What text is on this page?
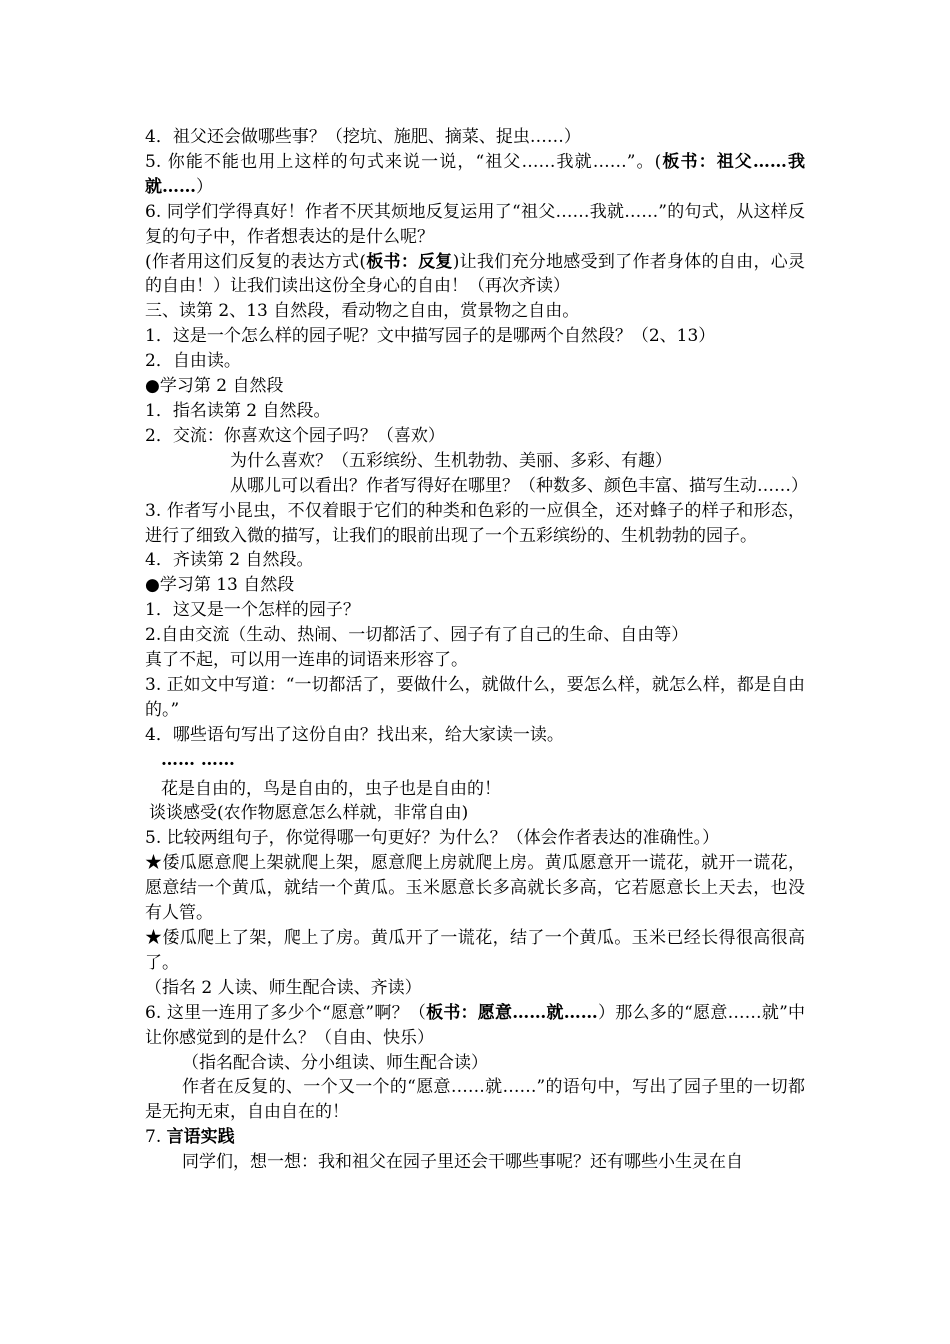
4．祖父还会做哪些事？（挖坑、施肥、摘菜、捉虫……）

5. 你能不能也用上这样的句式来说一说，“祖父……我就……”。(板书：祖父……我就……）

6. 同学们学得真好！作者不厌其烦地反复运用了“祖父……我就……”的句式，从这样反复的句子中，作者想表达的是什么呢？

(作者用这们反复的表达方式(板书：反复)让我们充分地感受到了作者身体的自由，心灵的自由！）让我们读出这份全身心的自由！（再次齐读）

三、读第 2、13 自然段，看动物之自由，赏景物之自由。

1．这是一个怎么样的园子呢？文中描写园子的是哪两个自然段？（2、13）

2．自由读。

●学习第 2 自然段

1．指名读第 2 自然段。

2．交流：你喜欢这个园子吗？（喜欢）

为什么喜欢？（五彩缤纷、生机勃勃、美丽、多彩、有趣）

从哪儿可以看出？作者写得好在哪里？（种数多、颜色丰富、描写生动……）

3. 作者写小昆虫，不仅着眼于它们的种类和色彩的一应俱全，还对蜂子的样子和形态，进行了细致入微的描写，让我们的眼前出现了一个五彩缤纷的、生机勃勃的园子。

4．齐读第 2 自然段。

●学习第 13 自然段

1．这又是一个怎样的园子？

2.自由交流（生动、热闹、一切都活了、园子有了自己的生命、自由等）

真了不起，可以用一连串的词语来形容了。

3. 正如文中写道：“一切都活了，要做什么，就做什么，要怎么样，就怎么样，都是自由的。”

4．哪些语句写出了这份自由？找出来，给大家读一读。

…… ……

花是自由的，鸟是自由的，虫子也是自由的！

谈谈感受(农作物愿意怎么样就，非常自由)

5. 比较两组句子，你觉得哪一句更好？为什么？（体会作者表达的准确性。）

★倭瓜愿意爬上架就爬上架，愿意爬上房就爬上房。黄瓜愿意开一谎花，就开一谎花，愿意结一个黄瓜，就结一个黄瓜。玉米愿意长多高就长多高，它若愿意长上天去，也没有人管。

★倭瓜爬上了架，爬上了房。黄瓜开了一谎花，结了一个黄瓜。玉米已经长得很高很高了。

（指名 2 人读、师生配合读、齐读）

6. 这里一连用了多少个“愿意”啊？（板书：愿意……就……）那么多的“愿意……就”中让你感觉到的是什么？（自由、快乐）

（指名配合读、分小组读、师生配合读）

作者在反复的、一个又一个的“愿意……就……”的语句中，写出了园子里的一切都是无拘无束，自由自在的！

7. 言语实践

同学们，想一想：我和祖父在园子里还会干哪些事呢？还有哪些小生灵在自
